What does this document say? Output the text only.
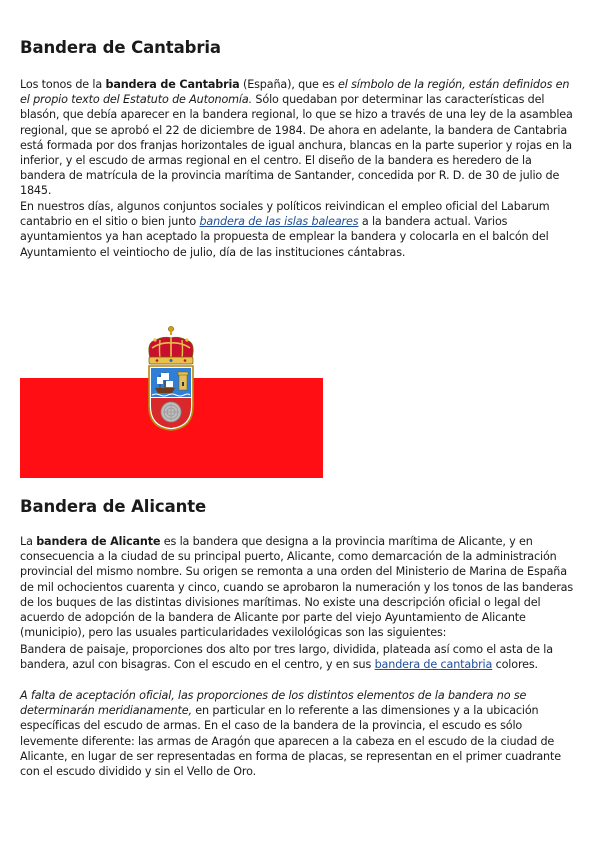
Bandera de Cantabria

Los tonos de la bandera de Cantabria (España), que es el símbolo de la región, están definidos en el propio texto del Estatuto de Autonomía. Sólo quedaban por determinar las características del blasón, que debía aparecer en la bandera regional, lo que se hizo a través de una ley de la asamblea regional, que se aprobó el 22 de diciembre de 1984. De ahora en adelante, la bandera de Cantabria está formada por dos franjas horizontales de igual anchura, blancas en la parte superior y rojas en la inferior, y el escudo de armas regional en el centro. El diseño de la bandera es heredero de la bandera de matrícula de la provincia marítima de Santander, concedida por R. D. de 30 de julio de 1845.

En nuestros días, algunos conjuntos sociales y políticos reivindican el empleo oficial del Labarum cantabrio en el sitio o bien junto bandera de las islas baleares a la bandera actual. Varios ayuntamientos ya han aceptado la propuesta de emplear la bandera y colocarla en el balcón del Ayuntamiento el veintiocho de julio, día de las instituciones cántabras.

Bandera de Alicante

La bandera de Alicante es la bandera que designa a la provincia marítima de Alicante, y en consecuencia a la ciudad de su principal puerto, Alicante, como demarcación de la administración provincial del mismo nombre. Su origen se remonta a una orden del Ministerio de Marina de España de mil ochocientos cuarenta y cinco, cuando se aprobaron la numeración y los tonos de las banderas de los buques de las distintas divisiones marítimas. No existe una descripción oficial o legal del acuerdo de adopción de la bandera de Alicante por parte del viejo Ayuntamiento de Alicante (municipio), pero las usuales particularidades vexilológicas son las siguientes:

Bandera de paisaje, proporciones dos alto por tres largo, dividida, plateada así como el asta de la bandera, azul con bisagras. Con el escudo en el centro, y en sus bandera de cantabria colores.

A falta de aceptación oficial, las proporciones de los distintos elementos de la bandera no se determinarán meridianamente, en particular en lo referente a las dimensiones y a la ubicación específicas del escudo de armas. En el caso de la bandera de la provincia, el escudo es sólo levemente diferente: las armas de Aragón que aparecen a la cabeza en el escudo de la ciudad de Alicante, en lugar de ser representadas en forma de placas, se representan en el primer cuadrante con el escudo dividido y sin el Vello de Oro.
